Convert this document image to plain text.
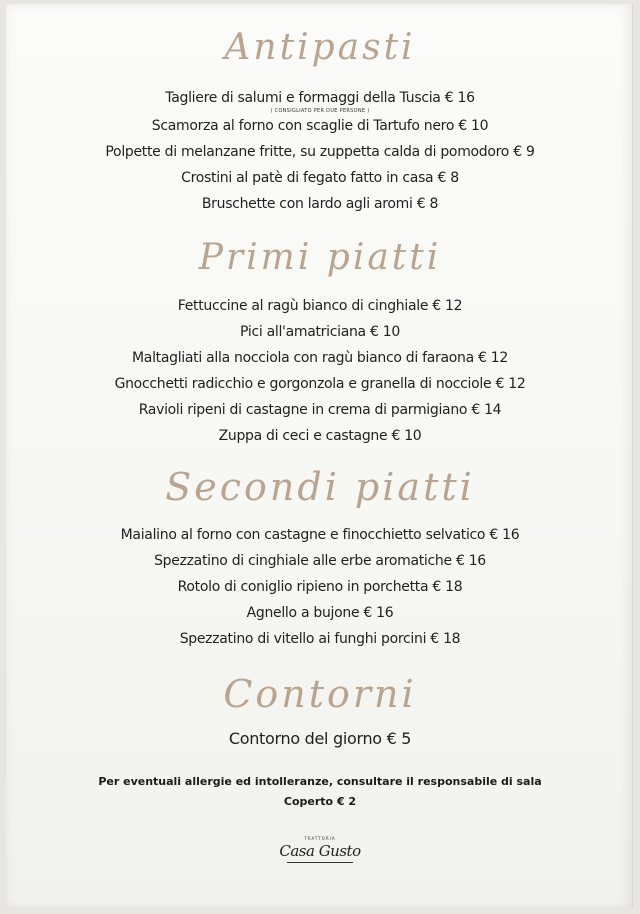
Antipasti
Tagliere di salumi e formaggi della Tuscia € 16
( CONSIGLIATO PER DUE PERSONE )
Scamorza al forno con scaglie di Tartufo nero € 10
Polpette di melanzane fritte, su zuppetta calda di pomodoro € 9
Crostini al patè di fegato fatto in casa € 8
Bruschette con lardo agli aromi € 8
Primi piatti
Fettuccine al ragù bianco di cinghiale € 12
Pici all'amatriciana € 10
Maltagliati alla nocciola con ragù bianco di faraona € 12
Gnocchetti radicchio e gorgonzola e granella di nocciole € 12
Ravioli ripeni di castagne in crema di parmigiano € 14
Zuppa di ceci e castagne € 10
Secondi piatti
Maialino al forno con castagne e finocchietto selvatico € 16
Spezzatino di cinghiale alle erbe aromatiche € 16
Rotolo di coniglio ripieno in porchetta € 18
Agnello a bujone € 16
Spezzatino di vitello ai funghi porcini € 18
Contorni
Contorno del giorno € 5
Per eventuali allergie ed intolleranze, consultare il responsabile di sala
Coperto € 2
TRATTORIA
Casa Gusto
